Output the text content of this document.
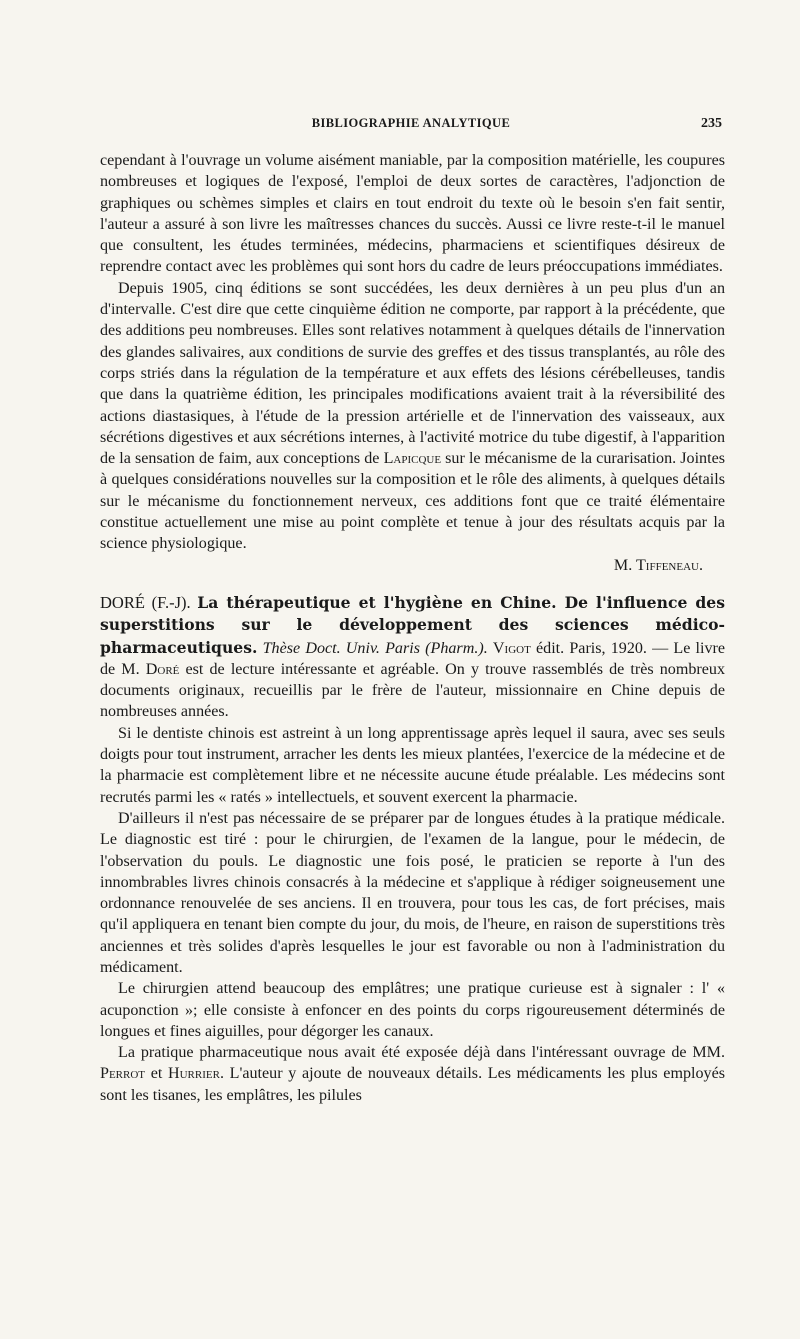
BIBLIOGRAPHIE ANALYTIQUE	235

cependant à l'ouvrage un volume aisément maniable, par la composition matérielle, les coupures nombreuses et logiques de l'exposé, l'emploi de deux sortes de caractères, l'adjonction de graphiques ou schèmes simples et clairs en tout endroit du texte où le besoin s'en fait sentir, l'auteur a assuré à son livre les maîtresses chances du succès. Aussi ce livre reste-t-il le manuel que consultent, les études terminées, médecins, pharmaciens et scientifiques désireux de reprendre contact avec les problèmes qui sont hors du cadre de leurs préoccupations immédiates.

Depuis 1905, cinq éditions se sont succédées, les deux dernières à un peu plus d'un an d'intervalle. C'est dire que cette cinquième édition ne comporte, par rapport à la précédente, que des additions peu nombreuses. Elles sont relatives notamment à quelques détails de l'innervation des glandes salivaires, aux conditions de survie des greffes et des tissus transplantés, au rôle des corps striés dans la régulation de la température et aux effets des lésions cérébelleuses, tandis que dans la quatrième édition, les principales modifications avaient trait à la réversibilité des actions diastasiques, à l'étude de la pression artérielle et de l'innervation des vaisseaux, aux sécrétions digestives et aux sécrétions internes, à l'activité motrice du tube digestif, à l'apparition de la sensation de faim, aux conceptions de Lapicque sur le mécanisme de la curarisation. Jointes à quelques considérations nouvelles sur la composition et le rôle des aliments, à quelques détails sur le mécanisme du fonctionnement nerveux, ces additions font que ce traité élémentaire constitue actuellement une mise au point complète et tenue à jour des résultats acquis par la science physiologique.

M. Tiffeneau.

DORÉ (F.-J). La thérapeutique et l'hygiène en Chine. De l'influence des superstitions sur le développement des sciences médico-pharmaceutiques. Thèse Doct. Univ. Paris (Pharm.). Vigot édit. Paris, 1920. — Le livre de M. Doré est de lecture intéressante et agréable. On y trouve rassemblés de très nombreux documents originaux, recueillis par le frère de l'auteur, missionnaire en Chine depuis de nombreuses années.

Si le dentiste chinois est astreint à un long apprentissage après lequel il saura, avec ses seuls doigts pour tout instrument, arracher les dents les mieux plantées, l'exercice de la médecine et de la pharmacie est complètement libre et ne nécessite aucune étude préalable. Les médecins sont recrutés parmi les « ratés » intellectuels, et souvent exercent la pharmacie.

D'ailleurs il n'est pas nécessaire de se préparer par de longues études à la pratique médicale. Le diagnostic est tiré : pour le chirurgien, de l'examen de la langue, pour le médecin, de l'observation du pouls. Le diagnostic une fois posé, le praticien se reporte à l'un des innombrables livres chinois consacrés à la médecine et s'applique à rédiger soigneusement une ordonnance renouvelée de ses anciens. Il en trouvera, pour tous les cas, de fort précises, mais qu'il appliquera en tenant bien compte du jour, du mois, de l'heure, en raison de superstitions très anciennes et très solides d'après lesquelles le jour est favorable ou non à l'administration du médicament.

Le chirurgien attend beaucoup des emplâtres; une pratique curieuse est à signaler : l' « acuponction »; elle consiste à enfoncer en des points du corps rigoureusement déterminés de longues et fines aiguilles, pour dégorger les canaux.

La pratique pharmaceutique nous avait été exposée déjà dans l'intéressant ouvrage de MM. Perrot et Hurrier. L'auteur y ajoute de nouveaux détails. Les médicaments les plus employés sont les tisanes, les emplâtres, les pilules
